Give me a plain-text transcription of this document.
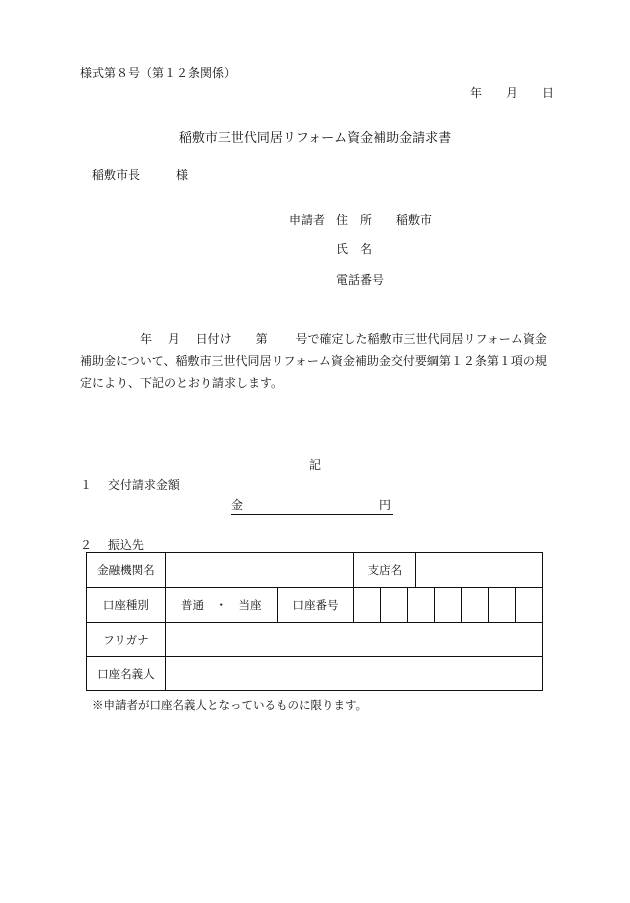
様式第８号（第１２条関係）
年 月 日
稲敷市三世代同居リフォーム資金補助金請求書
稲敷市長	様
申請者 住　所 稲敷市
氏　名
電話番号
　　　　　年　 月　 日付け　　第　　 号で確定した稲敷市三世代同居リフォーム資金補助金について、稲敷市三世代同居リフォーム資金補助金交付要綱第１２条第１項の規定により、下記のとおり請求します。
記
１　 交付請求金額
金	円
２　 振込先
金融機関名			支店名	
口座種別	普通　・　当座	口座番号		

フリガナ				
口座名義人				
※申請者が口座名義人となっているものに限ります。
